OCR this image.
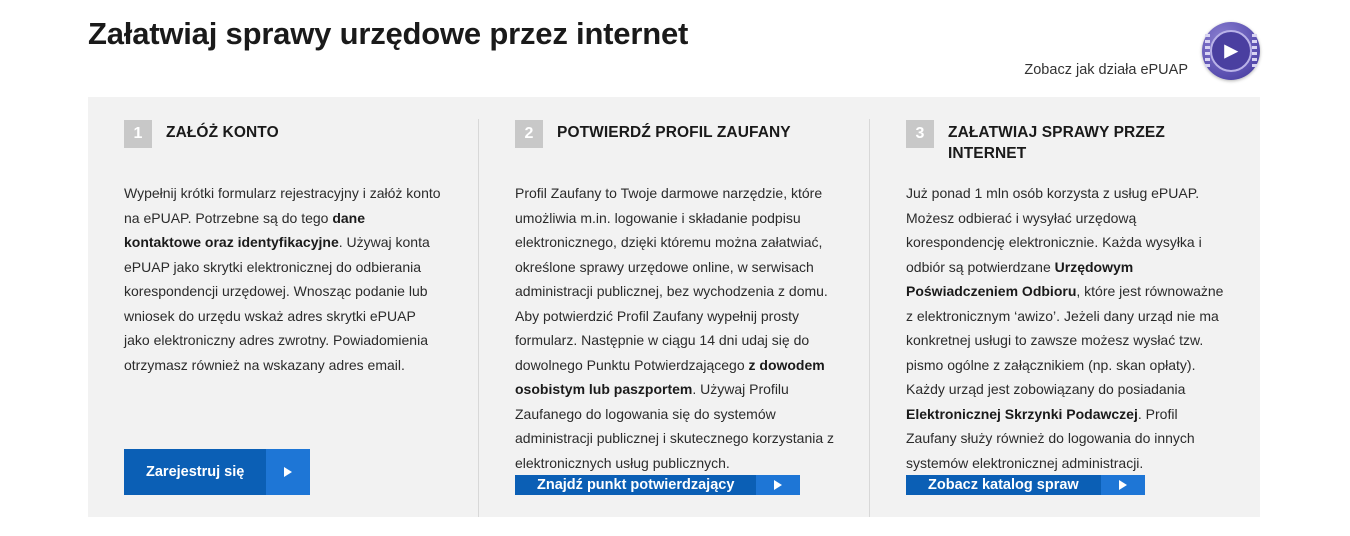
Załatwiaj sprawy urzędowe przez internet
Zobacz jak działa ePUAP
▶
1	ZAŁÓŻ KONTO
Wypełnij krótki formularz rejestracyjny i załóż konto na ePUAP. Potrzebne są do tego dane kontaktowe oraz identyfikacyjne. Używaj konta ePUAP jako skrytki elektronicznej do odbierania korespondencji urzędowej. Wnosząc podanie lub wniosek do urzędu wskaż adres skrytki ePUAP jako elektroniczny adres zwrotny. Powiadomienia otrzymasz również na wskazany adres email.
Zarejestruj się
2	POTWIERDŹ PROFIL ZAUFANY
Profil Zaufany to Twoje darmowe narzędzie, które umożliwia m.in. logowanie i składanie podpisu elektronicznego, dzięki któremu można załatwiać, określone sprawy urzędowe online, w serwisach administracji publicznej, bez wychodzenia z domu. Aby potwierdzić Profil Zaufany wypełnij prosty formularz. Następnie w ciągu 14 dni udaj się do dowolnego Punktu Potwierdzającego z dowodem osobistym lub paszportem. Używaj Profilu Zaufanego do logowania się do systemów administracji publicznej i skutecznego korzystania z elektronicznych usług publicznych.
Znajdź punkt potwierdzający
3	ZAŁATWIAJ SPRAWY PRZEZ INTERNET
Już ponad 1 mln osób korzysta z usług ePUAP. Możesz odbierać i wysyłać urzędową korespondencję elektronicznie. Każda wysyłka i odbiór są potwierdzane Urzędowym Poświadczeniem Odbioru, które jest równoważne z elektronicznym ‘awizo’. Jeżeli dany urząd nie ma konkretnej usługi to zawsze możesz wysłać tzw. pismo ogólne z załącznikiem (np. skan opłaty). Każdy urząd jest zobowiązany do posiadania Elektronicznej Skrzynki Podawczej. Profil Zaufany służy również do logowania do innych systemów elektronicznej administracji.
Zobacz katalog spraw
